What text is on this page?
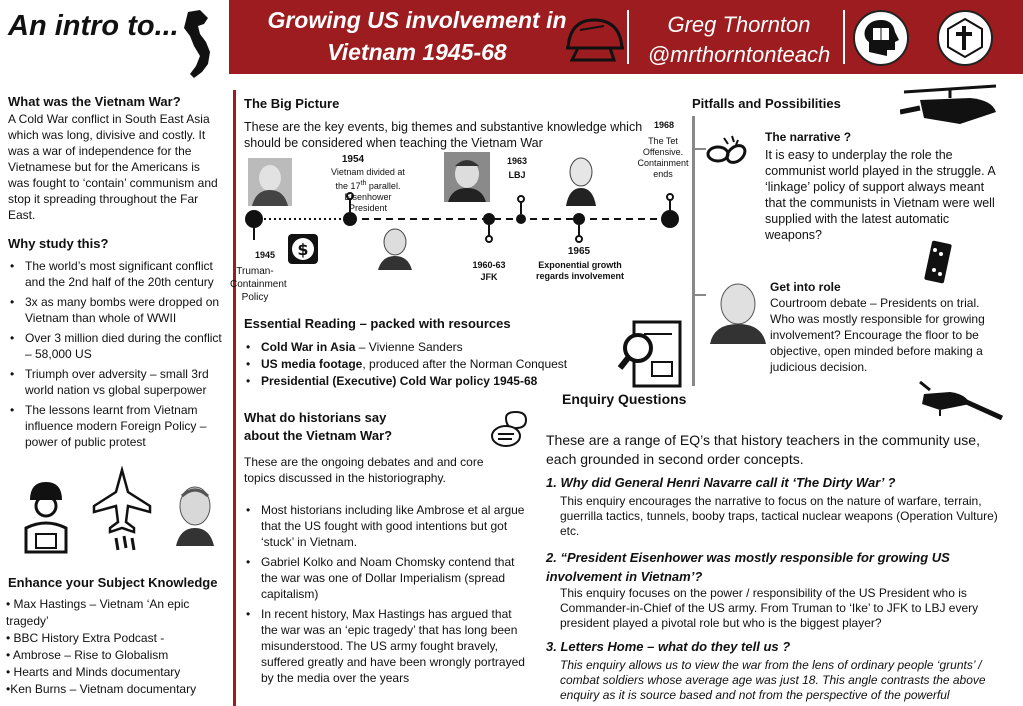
An intro to...	Growing US involvement in
Vietnam 1945-68
Greg Thornton
@mrthorntonteach
What was the Vietnam War?
A Cold War conflict in South East Asia which was long, divisive and costly. It was a war of independence for the Vietnamese but for the Americans is was fought to ‘contain’ communism and stop it spreading throughout the Far East.
Why study this?
• The world’s most significant conflict and the 2nd half of the 20th century
• 3x as many bombs were dropped on Vietnam than whole of WWII
• Over 3 million died during the conflict – 58,000 US
• Triumph over adversity – small 3rd world nation vs global superpower
• The lessons learnt from Vietnam influence modern Foreign Policy – power of public protest
Enhance your Subject Knowledge
• Max Hastings – Vietnam ‘An epic tragedy’
• BBC History Extra Podcast -
• Ambrose – Rise to Globalism
• Hearts and Minds documentary
•Ken Burns – Vietnam documentary
The Big Picture
These are the key events, big themes and substantive knowledge which should be considered when teaching the Vietnam War
$
1945
Truman-Containment Policy
1954
Vietnam divided at the 17th parallel. Eisenhower President
1960-63
JFK
1963
LBJ
1965
Exponential growth regards involvement
1968
The Tet Offensive. Containment ends
Essential Reading – packed with resources
• Cold War in Asia – Vivienne Sanders
• US media footage, produced after the Norman Conquest
• Presidential (Executive) Cold War policy 1945-68
What do historians say
about the Vietnam War?
These are the ongoing debates and and core topics discussed in the historiography.
• Most historians including like Ambrose et al argue that the US fought with good intentions but got ‘stuck’ in Vietnam.
• Gabriel Kolko and Noam Chomsky contend that the war was one of Dollar Imperialism (spread capitalism)
• In recent history, Max Hastings has argued that the war was an ‘epic tragedy’ that has long been misunderstood. The US army fought bravely, suffered greatly and have been wrongly portrayed by the media over the years
Pitfalls and Possibilities
The narrative ?
It is easy to underplay the role the communist world played in the struggle. A ‘linkage’ policy of support always meant that the communists in Vietnam were well supplied with the latest automatic weapons?
Get into role
Courtroom debate – Presidents on trial. Who was mostly responsible for growing involvement? Encourage the floor to be objective, open minded before making a judicious decision.
Enquiry Questions
These are a range of EQ’s that history teachers in the community use, each grounded in second order concepts.
1. Why did General Henri Navarre call it ‘The Dirty War’ ?
This enquiry encourages the narrative to focus on the nature of warfare, terrain, guerrilla tactics, tunnels, booby traps, tactical nuclear weapons (Operation Vulture) etc.
2. “President Eisenhower was mostly responsible for growing US involvement in Vietnam’?
This enquiry focuses on the power / responsibility of the US President who is Commander-in-Chief of the US army. From Truman to ‘Ike’ to JFK to LBJ every president played a pivotal role but who is the biggest player?
3. Letters Home – what do they tell us ?
This enquiry allows us to view the war from the lens of ordinary people ‘grunts’ / combat soldiers whose average age was just 18. This angle contrasts the above enquiry as it is source based and not from the perspective of the powerful
